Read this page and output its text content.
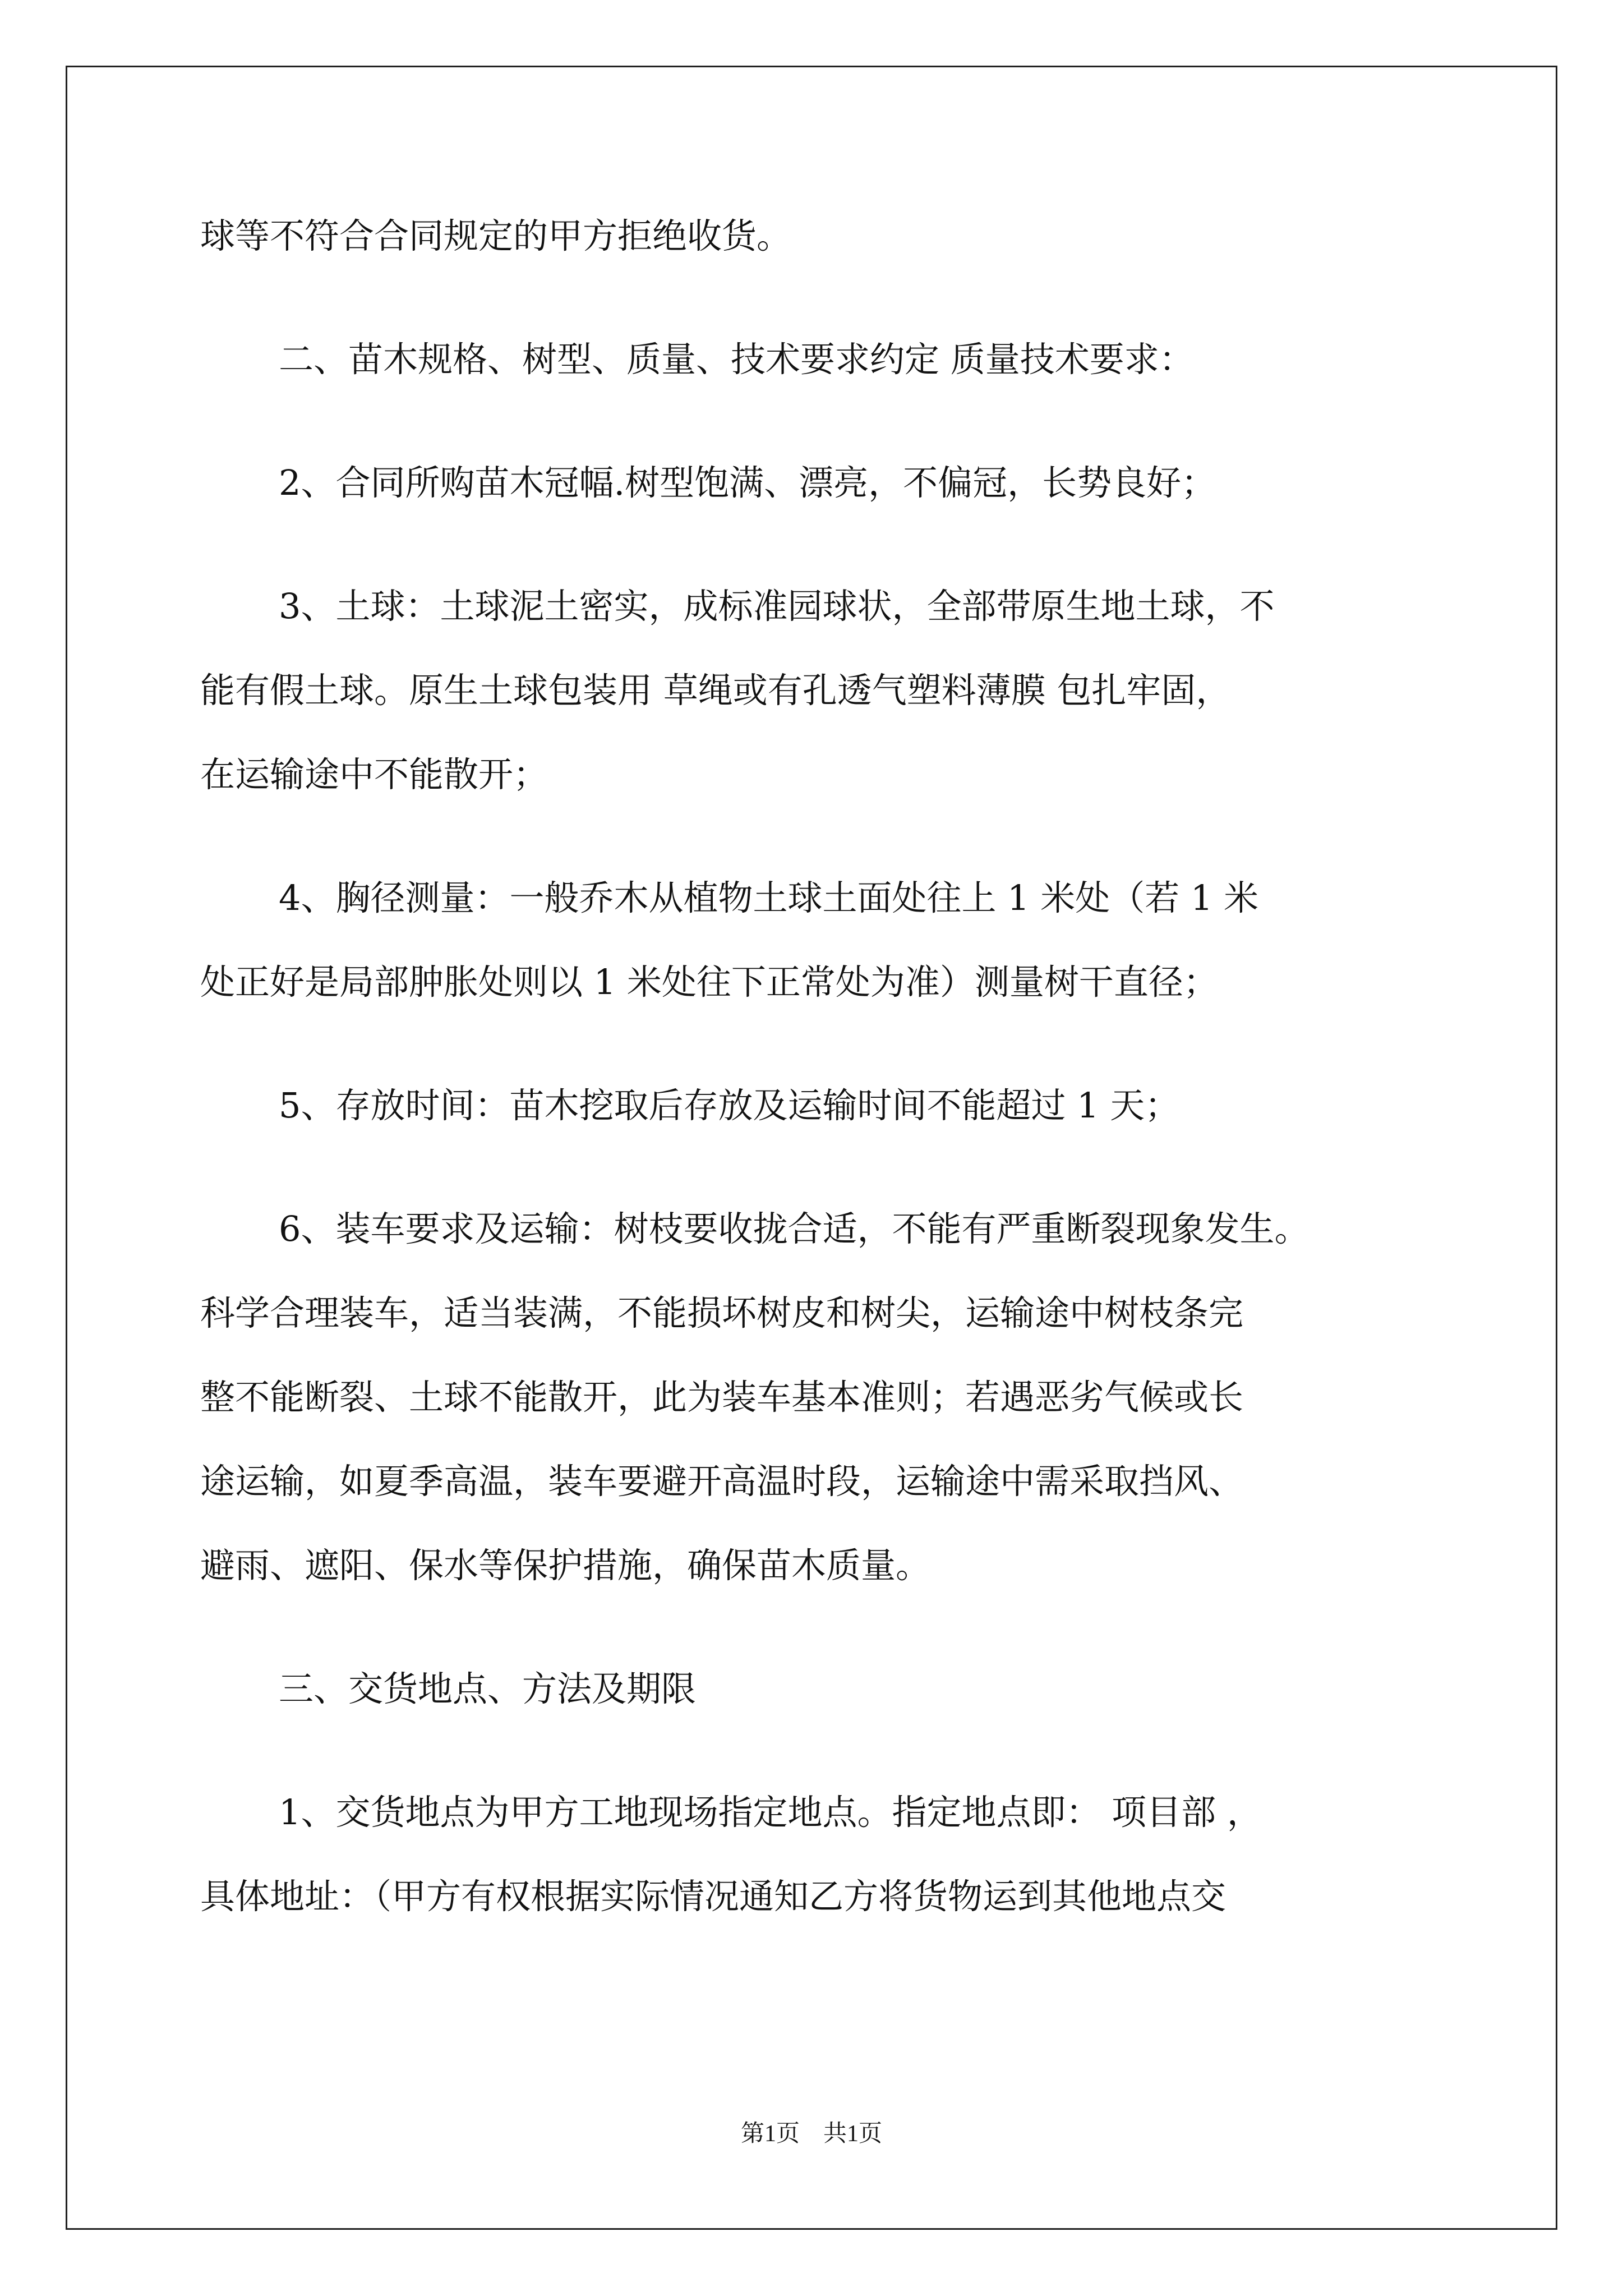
球等不符合合同规定的甲方拒绝收货。
二、苗木规格、树型、质量、技术要求约定 质量技术要求：
2、合同所购苗木冠幅.树型饱满、漂亮，不偏冠，长势良好；
3、土球：土球泥土密实，成标准园球状，全部带原生地土球，不
能有假土球。原生土球包装用 草绳或有孔透气塑料薄膜 包扎牢固，
在运输途中不能散开；
4、胸径测量：一般乔木从植物土球土面处往上 1 米处（若 1 米
处正好是局部肿胀处则以 1 米处往下正常处为准）测量树干直径；
5、存放时间：苗木挖取后存放及运输时间不能超过 1 天；
6、装车要求及运输：树枝要收拢合适，不能有严重断裂现象发生。
科学合理装车，适当装满，不能损坏树皮和树尖，运输途中树枝条完
整不能断裂、土球不能散开，此为装车基本准则；若遇恶劣气候或长
途运输，如夏季高温，装车要避开高温时段，运输途中需采取挡风、
避雨、遮阳、保水等保护措施，确保苗木质量。
三、交货地点、方法及期限
1、交货地点为甲方工地现场指定地点。指定地点即： 项目部 ，
具体地址：（甲方有权根据实际情况通知乙方将货物运到其他地点交
第1页　共1页
